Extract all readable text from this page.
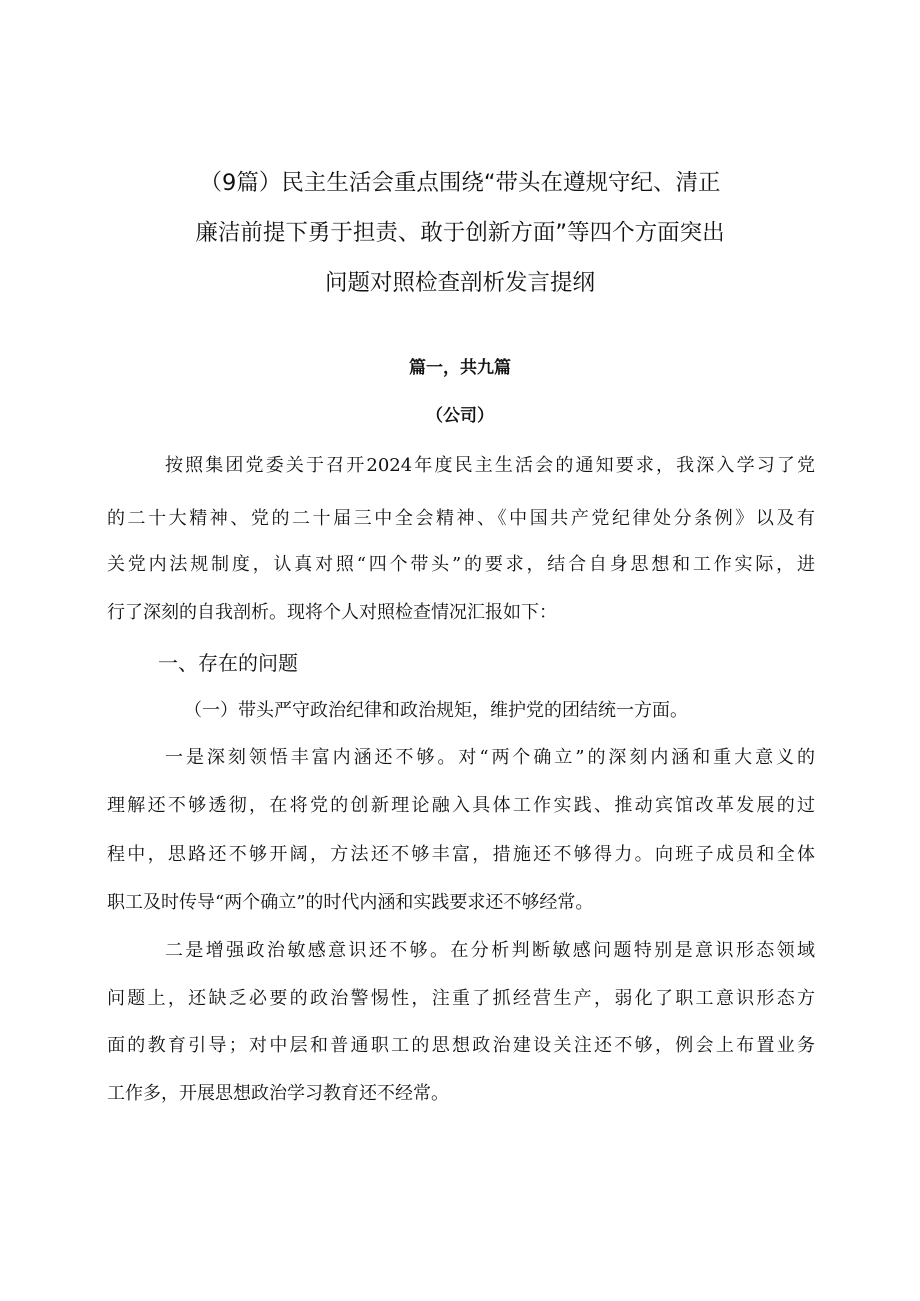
（9篇）民主生活会重点围绕“带头在遵规守纪、清正
廉洁前提下勇于担责、敢于创新方面”等四个方面突出
问题对照检查剖析发言提纲
篇一，共九篇
（公司）
按照集团党委关于召开2024年度民主生活会的通知要求，我深入学习了党
的二十大精神、党的二十届三中全会精神、《中国共产党纪律处分条例》以及有
关党内法规制度，认真对照“四个带头”的要求，结合自身思想和工作实际，进
行了深刻的自我剖析。现将个人对照检查情况汇报如下：
一、存在的问题
（一）带头严守政治纪律和政治规矩，维护党的团结统一方面。
一是深刻领悟丰富内涵还不够。对“两个确立”的深刻内涵和重大意义的
理解还不够透彻，在将党的创新理论融入具体工作实践、推动宾馆改革发展的过
程中，思路还不够开阔，方法还不够丰富，措施还不够得力。向班子成员和全体
职工及时传导“两个确立”的时代内涵和实践要求还不够经常。
二是增强政治敏感意识还不够。在分析判断敏感问题特别是意识形态领域
问题上，还缺乏必要的政治警惕性，注重了抓经营生产，弱化了职工意识形态方
面的教育引导；对中层和普通职工的思想政治建设关注还不够，例会上布置业务
工作多，开展思想政治学习教育还不经常。
